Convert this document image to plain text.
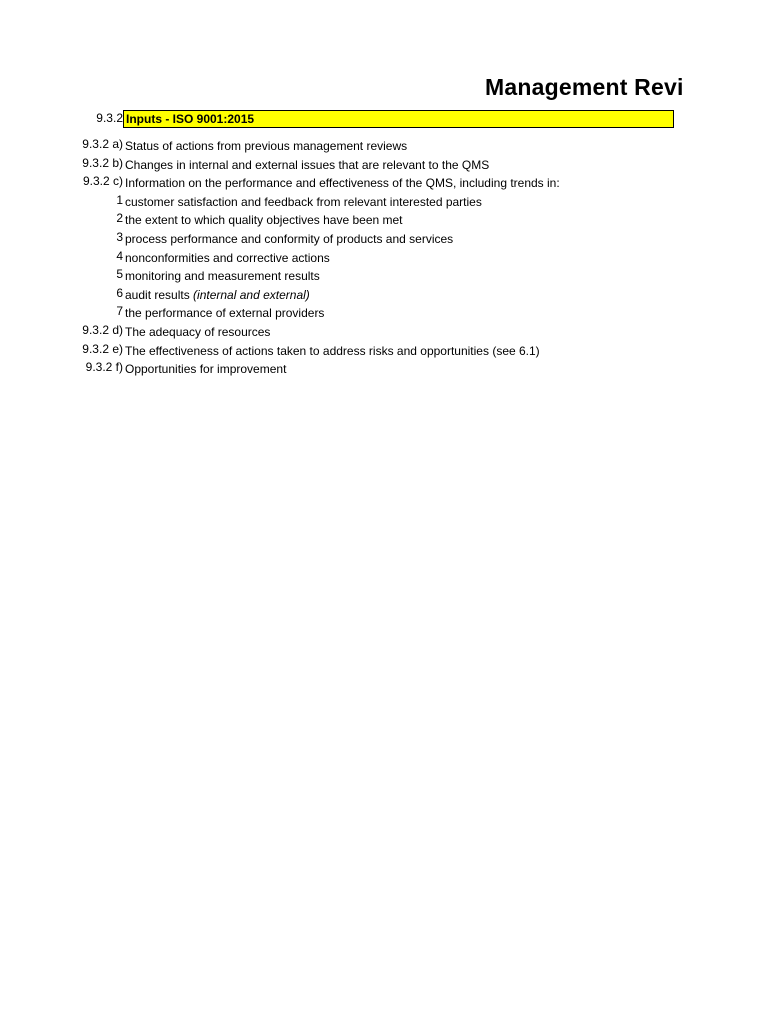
Management Revi
9.3.2 Inputs - ISO 9001:2015
9.3.2 a) Status of actions from previous management reviews
9.3.2 b) Changes in internal and external issues that are relevant to the QMS
9.3.2 c) Information on the performance and effectiveness of the QMS, including trends in:
1 customer satisfaction and feedback from relevant interested parties
2 the extent to which quality objectives have been met
3 process performance and conformity of products and services
4 nonconformities and corrective actions
5 monitoring and measurement results
6 audit results (internal and external)
7 the performance of external providers
9.3.2 d) The adequacy of resources
9.3.2 e) The effectiveness of actions taken to address risks and opportunities (see 6.1)
9.3.2 f) Opportunities for improvement
